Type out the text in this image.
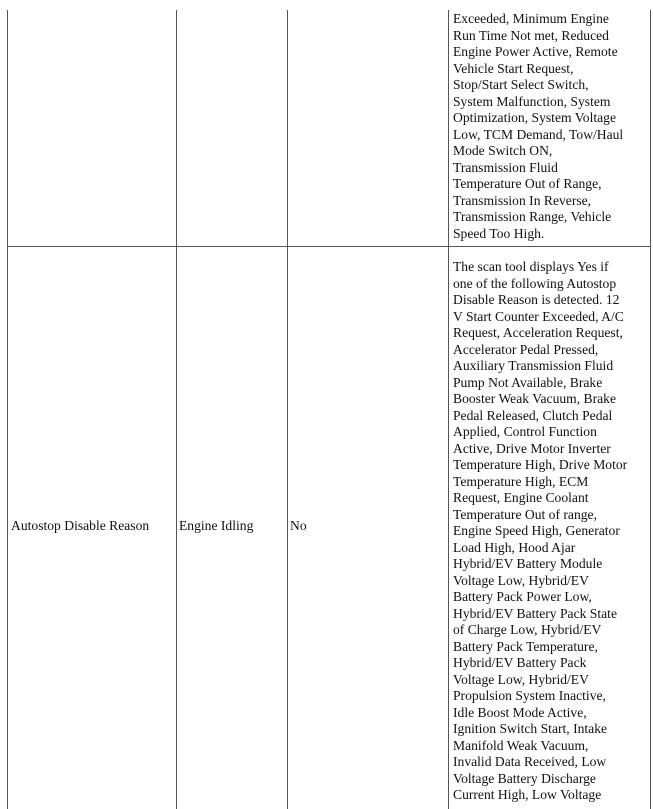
Exceeded, Minimum Engine
Run Time Not met, Reduced
Engine Power Active, Remote
Vehicle Start Request,
Stop/Start Select Switch,
System Malfunction, System
Optimization, System Voltage
Low, TCM Demand, Tow/Haul
Mode Switch ON,
Transmission Fluid
Temperature Out of Range,
Transmission In Reverse,
Transmission Range, Vehicle
Speed Too High.

Autostop Disable Reason Engine Idling	No

The scan tool displays Yes if
one of the following Autostop
Disable Reason is detected. 12
V Start Counter Exceeded, A/C
Request, Acceleration Request,
Accelerator Pedal Pressed,
Auxiliary Transmission Fluid
Pump Not Available, Brake
Booster Weak Vacuum, Brake
Pedal Released, Clutch Pedal
Applied, Control Function
Active, Drive Motor Inverter
Temperature High, Drive Motor
Temperature High, ECM
Request, Engine Coolant
Temperature Out of range,
Engine Speed High, Generator
Load High, Hood Ajar
Hybrid/EV Battery Module
Voltage Low, Hybrid/EV
Battery Pack Power Low,
Hybrid/EV Battery Pack State
of Charge Low, Hybrid/EV
Battery Pack Temperature,
Hybrid/EV Battery Pack
Voltage Low, Hybrid/EV
Propulsion System Inactive,
Idle Boost Mode Active,
Ignition Switch Start, Intake
Manifold Weak Vacuum,
Invalid Data Received, Low
Voltage Battery Discharge
Current High, Low Voltage
